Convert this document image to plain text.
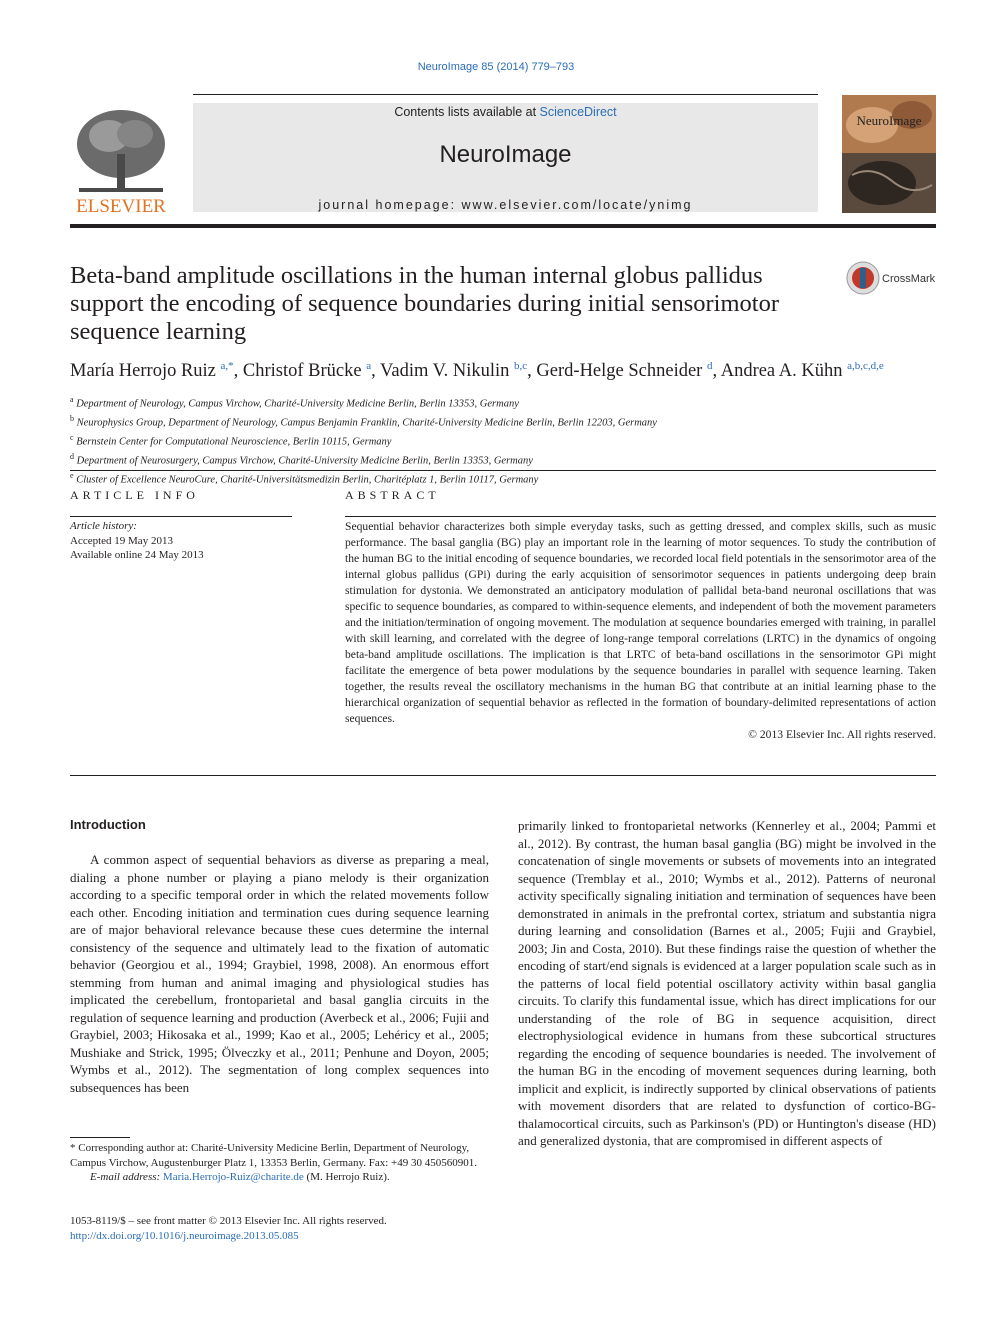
NeuroImage 85 (2014) 779–793
ELSEVIER
Contents lists available at ScienceDirect
NeuroImage
journal homepage: www.elsevier.com/locate/ynimg
NeuroImage
Beta-band amplitude oscillations in the human internal globus pallidus support the encoding of sequence boundaries during initial sensorimotor sequence learning
CrossMark
María Herrojo Ruiz $^{a,*}$, Christof Brücke $^a$, Vadim V. Nikulin $^{b,c}$, Gerd-Helge Schneider $^d$, Andrea A. Kühn $^{a,b,c,d,e}$
$^a$ Department of Neurology, Campus Virchow, Charité-University Medicine Berlin, Berlin 13353, Germany
$^b$ Neurophysics Group, Department of Neurology, Campus Benjamin Franklin, Charité-University Medicine Berlin, Berlin 12203, Germany
$^c$ Bernstein Center for Computational Neuroscience, Berlin 10115, Germany
$^d$ Department of Neurosurgery, Campus Virchow, Charité-University Medicine Berlin, Berlin 13353, Germany
$^e$ Cluster of Excellence NeuroCure, Charité-Universitätsmedizin Berlin, Charitéplatz 1, Berlin 10117, Germany
ARTICLE INFO
Article history:
Accepted 19 May 2013
Available online 24 May 2013
ABSTRACT

Sequential behavior characterizes both simple everyday tasks, such as getting dressed, and complex skills, such as music performance. The basal ganglia (BG) play an important role in the learning of motor sequences. To study the contribution of the human BG to the initial encoding of sequence boundaries, we recorded local field potentials in the sensorimotor area of the internal globus pallidus (GPi) during the early acquisition of sensorimotor sequences in patients undergoing deep brain stimulation for dystonia. We demonstrated an anticipatory modulation of pallidal beta-band neuronal oscillations that was specific to sequence boundaries, as compared to within-sequence elements, and independent of both the movement parameters and the initiation/termination of ongoing movement. The modulation at sequence boundaries emerged with training, in parallel with skill learning, and correlated with the degree of long-range temporal correlations (LRTC) in the dynamics of ongoing beta-band amplitude oscillations. The implication is that LRTC of beta-band oscillations in the sensorimotor GPi might facilitate the emergence of beta power modulations by the sequence boundaries in parallel with sequence learning. Taken together, the results reveal the oscillatory mechanisms in the human BG that contribute at an initial learning phase to the hierarchical organization of sequential behavior as reflected in the formation of boundary-delimited representations of action sequences.

© 2013 Elsevier Inc. All rights reserved.

Introduction

A common aspect of sequential behaviors as diverse as preparing a meal, dialing a phone number or playing a piano melody is their organization according to a specific temporal order in which the related movements follow each other. Encoding initiation and termination cues during sequence learning are of major behavioral relevance because these cues determine the internal consistency of the sequence and ultimately lead to the fixation of automatic behavior (Georgiou et al., 1994; Graybiel, 1998, 2008). An enormous effort stemming from human and animal imaging and physiological studies has implicated the cerebellum, frontoparietal and basal ganglia circuits in the regulation of sequence learning and production (Averbeck et al., 2006; Fujii and Graybiel, 2003; Hikosaka et al., 1999; Kao et al., 2005; Lehéricy et al., 2005; Mushiake and Strick, 1995; Ölveczky et al., 2011; Penhune and Doyon, 2005; Wymbs et al., 2012). The segmentation of long complex sequences into subsequences has been

primarily linked to frontoparietal networks (Kennerley et al., 2004; Pammi et al., 2012). By contrast, the human basal ganglia (BG) might be involved in the concatenation of single movements or subsets of movements into an integrated sequence (Tremblay et al., 2010; Wymbs et al., 2012). Patterns of neuronal activity specifically signaling initiation and termination of sequences have been demonstrated in animals in the prefrontal cortex, striatum and substantia nigra during learning and consolidation (Barnes et al., 2005; Fujii and Graybiel, 2003; Jin and Costa, 2010). But these findings raise the question of whether the encoding of start/end signals is evidenced at a larger population scale such as in the patterns of local field potential oscillatory activity within basal ganglia circuits. To clarify this fundamental issue, which has direct implications for our understanding of the role of BG in sequence acquisition, direct electrophysiological evidence in humans from these subcortical structures regarding the encoding of sequence boundaries is needed. The involvement of the human BG in the encoding of movement sequences during learning, both implicit and explicit, is indirectly supported by clinical observations of patients with movement disorders that are related to dysfunction of cortico-BG-thalamocortical circuits, such as Parkinson's (PD) or Huntington's disease (HD) and generalized dystonia, that are compromised in different aspects of

* Corresponding author at: Charité-University Medicine Berlin, Department of Neurology, Campus Virchow, Augustenburger Platz 1, 13353 Berlin, Germany. Fax: +49 30 450560901.
E-mail address: Maria.Herrojo-Ruiz@charite.de (M. Herrojo Ruiz).
1053-8119/$ – see front matter © 2013 Elsevier Inc. All rights reserved.
http://dx.doi.org/10.1016/j.neuroimage.2013.05.085
